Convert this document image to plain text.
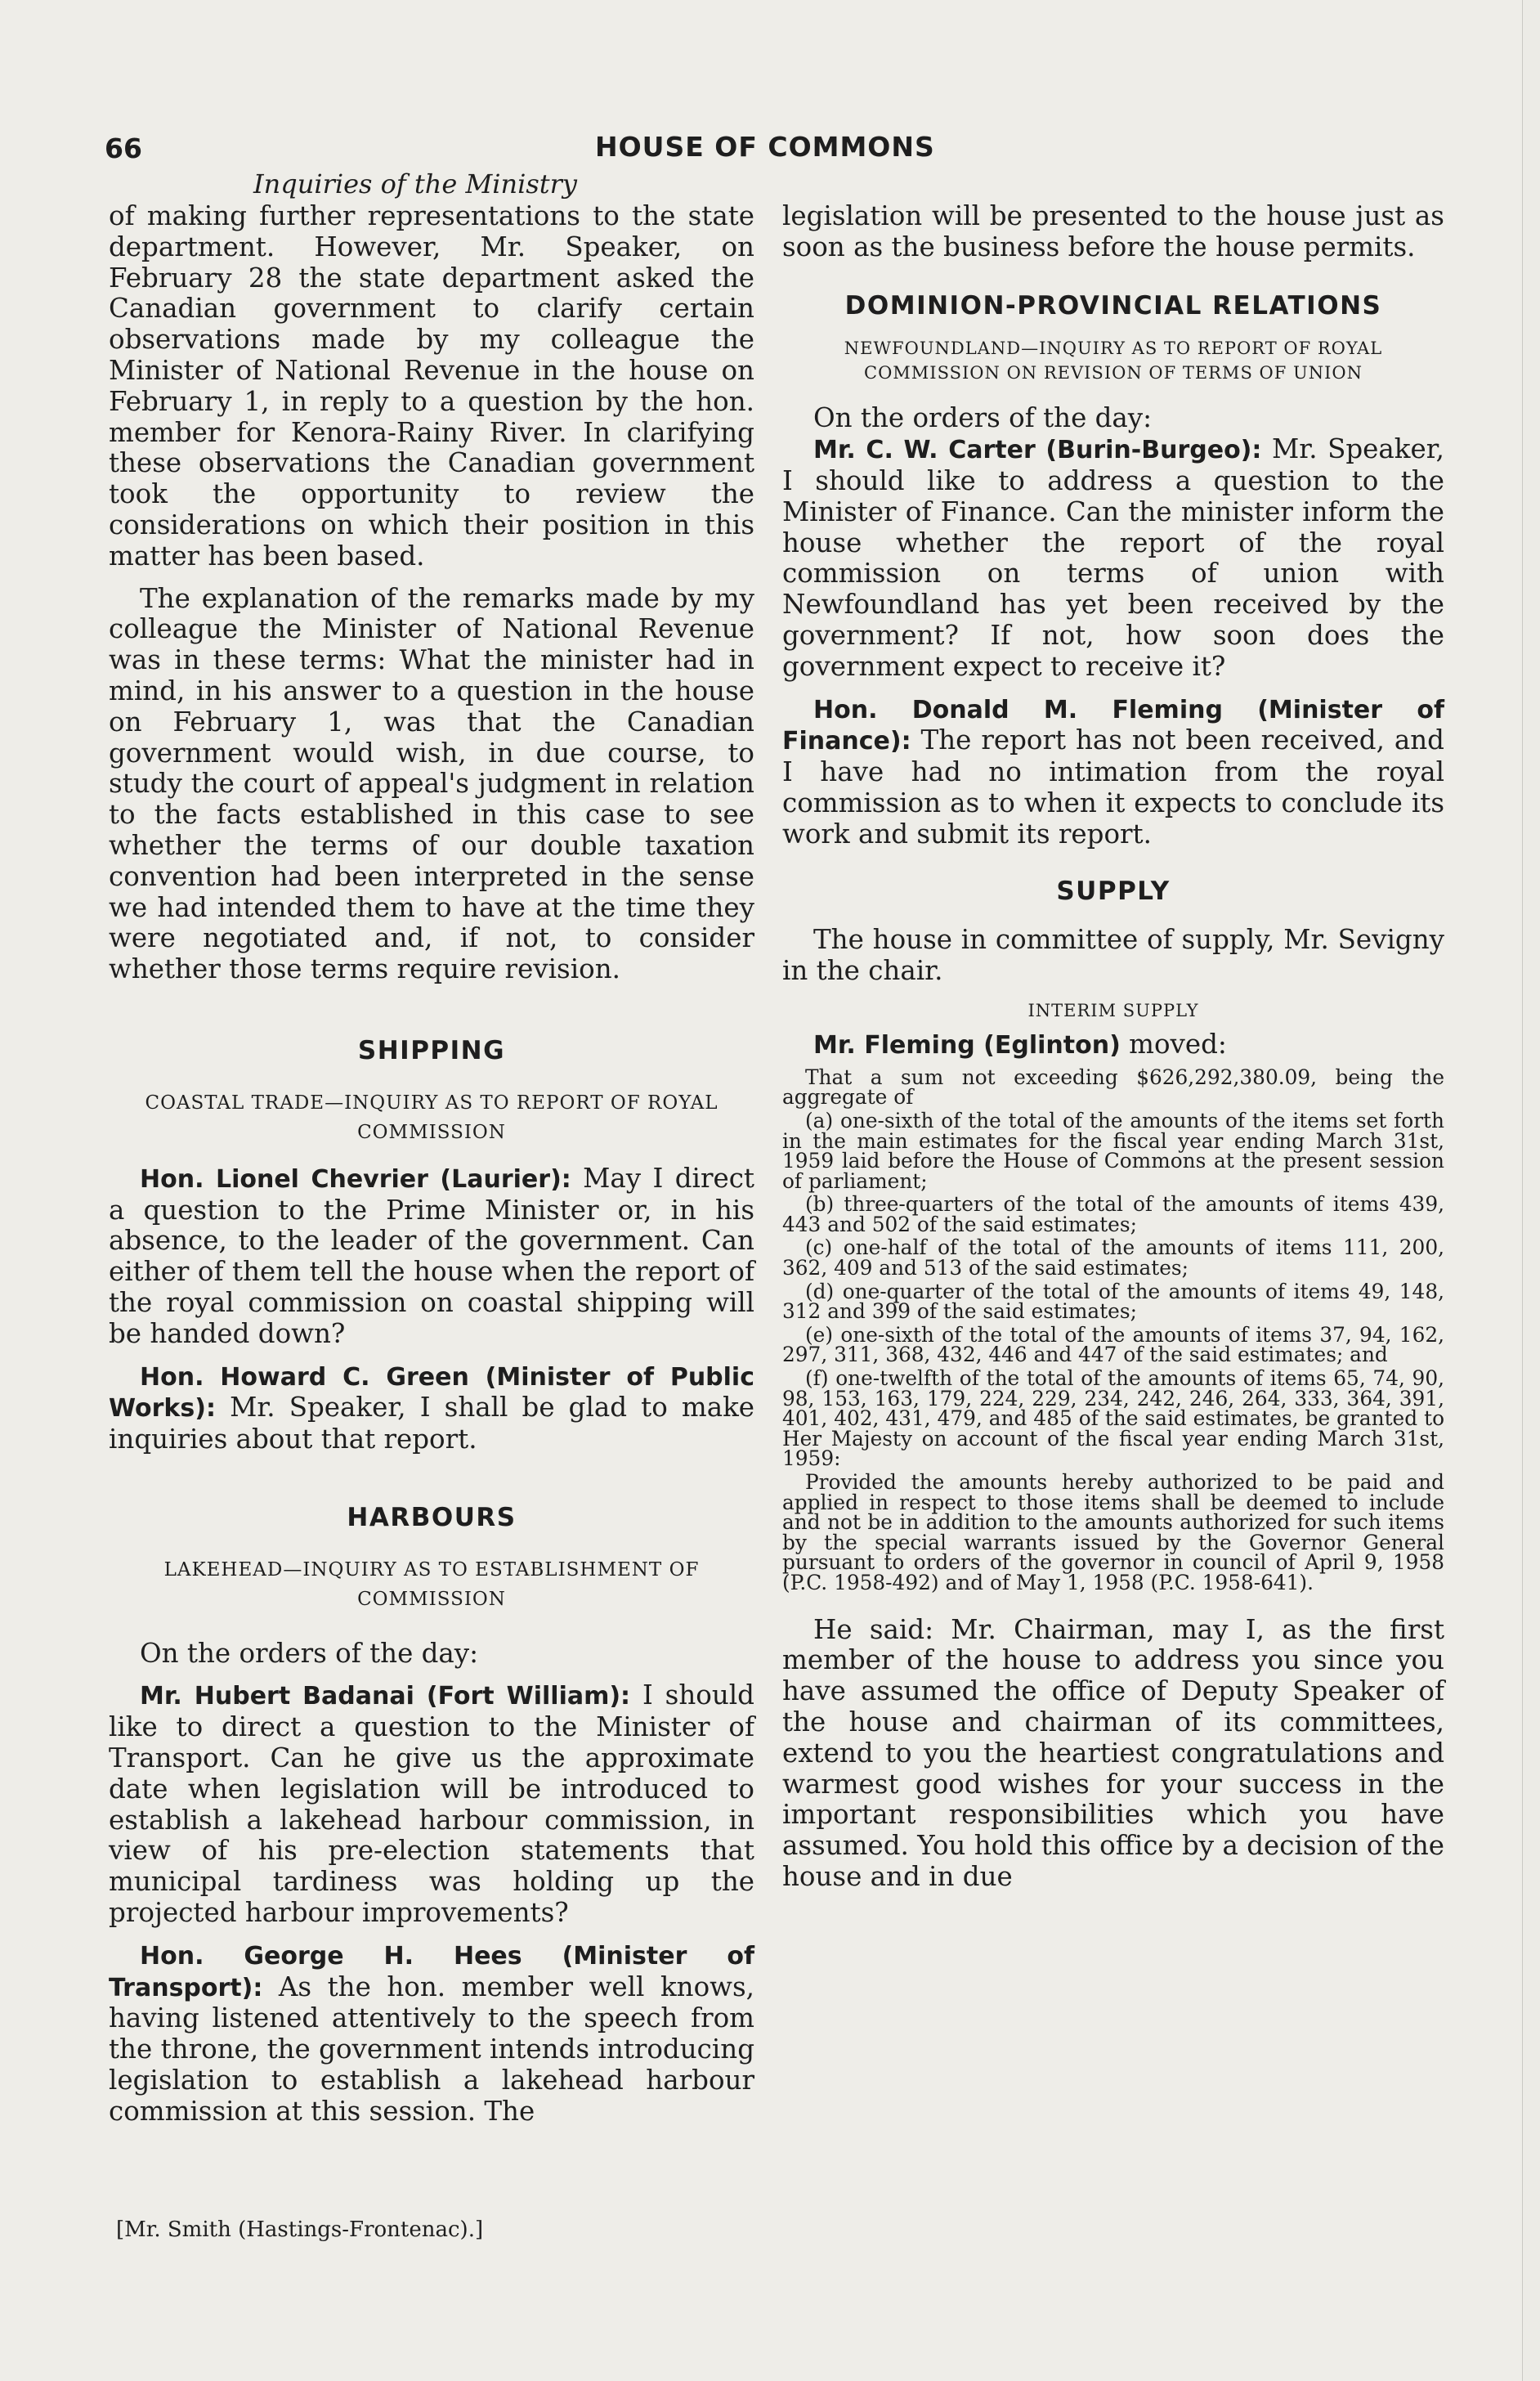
66	HOUSE OF COMMONS
Inquiries of the Ministry

of making further representations to the state department. However, Mr. Speaker, on February 28 the state department asked the Canadian government to clarify certain observations made by my colleague the Minister of National Revenue in the house on February 1, in reply to a question by the hon. member for Kenora-Rainy River. In clarifying these observations the Canadian government took the opportunity to review the considerations on which their position in this matter has been based.

The explanation of the remarks made by my colleague the Minister of National Revenue was in these terms: What the minister had in mind, in his answer to a question in the house on February 1, was that the Canadian government would wish, in due course, to study the court of appeal's judgment in relation to the facts established in this case to see whether the terms of our double taxation convention had been interpreted in the sense we had intended them to have at the time they were negotiated and, if not, to consider whether those terms require revision.

SHIPPING
COASTAL TRADE—INQUIRY AS TO REPORT OF ROYAL COMMISSION

Hon. Lionel Chevrier (Laurier): May I direct a question to the Prime Minister or, in his absence, to the leader of the government. Can either of them tell the house when the report of the royal commission on coastal shipping will be handed down?

Hon. Howard C. Green (Minister of Public Works): Mr. Speaker, I shall be glad to make inquiries about that report.

HARBOURS
LAKEHEAD—INQUIRY AS TO ESTABLISHMENT OF COMMISSION

On the orders of the day:

Mr. Hubert Badanai (Fort William): I should like to direct a question to the Minister of Transport. Can he give us the approximate date when legislation will be introduced to establish a lakehead harbour commission, in view of his pre-election statements that municipal tardiness was holding up the projected harbour improvements?

Hon. George H. Hees (Minister of Transport): As the hon. member well knows, having listened attentively to the speech from the throne, the government intends introducing legislation to establish a lakehead harbour commission at this session. The

legislation will be presented to the house just as soon as the business before the house permits.

DOMINION-PROVINCIAL RELATIONS
NEWFOUNDLAND—INQUIRY AS TO REPORT OF ROYAL COMMISSION ON REVISION OF TERMS OF UNION

On the orders of the day:

Mr. C. W. Carter (Burin-Burgeo): Mr. Speaker, I should like to address a question to the Minister of Finance. Can the minister inform the house whether the report of the royal commission on terms of union with Newfoundland has yet been received by the government? If not, how soon does the government expect to receive it?

Hon. Donald M. Fleming (Minister of Finance): The report has not been received, and I have had no intimation from the royal commission as to when it expects to conclude its work and submit its report.

SUPPLY

The house in committee of supply, Mr. Sevigny in the chair.

INTERIM SUPPLY

Mr. Fleming (Eglinton) moved:

That a sum not exceeding $626,292,380.09, being the aggregate of

(a) one-sixth of the total of the amounts of the items set forth in the main estimates for the fiscal year ending March 31st, 1959 laid before the House of Commons at the present session of parliament;

(b) three-quarters of the total of the amounts of items 439, 443 and 502 of the said estimates;

(c) one-half of the total of the amounts of items 111, 200, 362, 409 and 513 of the said estimates;

(d) one-quarter of the total of the amounts of items 49, 148, 312 and 399 of the said estimates;

(e) one-sixth of the total of the amounts of items 37, 94, 162, 297, 311, 368, 432, 446 and 447 of the said estimates; and

(f) one-twelfth of the total of the amounts of items 65, 74, 90, 98, 153, 163, 179, 224, 229, 234, 242, 246, 264, 333, 364, 391, 401, 402, 431, 479, and 485 of the said estimates, be granted to Her Majesty on account of the fiscal year ending March 31st, 1959:

Provided the amounts hereby authorized to be paid and applied in respect to those items shall be deemed to include and not be in addition to the amounts authorized for such items by the special warrants issued by the Governor General pursuant to orders of the governor in council of April 9, 1958 (P.C. 1958-492) and of May 1, 1958 (P.C. 1958-641).

He said: Mr. Chairman, may I, as the first member of the house to address you since you have assumed the office of Deputy Speaker of the house and chairman of its committees, extend to you the heartiest congratulations and warmest good wishes for your success in the important responsibilities which you have assumed. You hold this office by a decision of the house and in due

[Mr. Smith (Hastings-Frontenac).]
